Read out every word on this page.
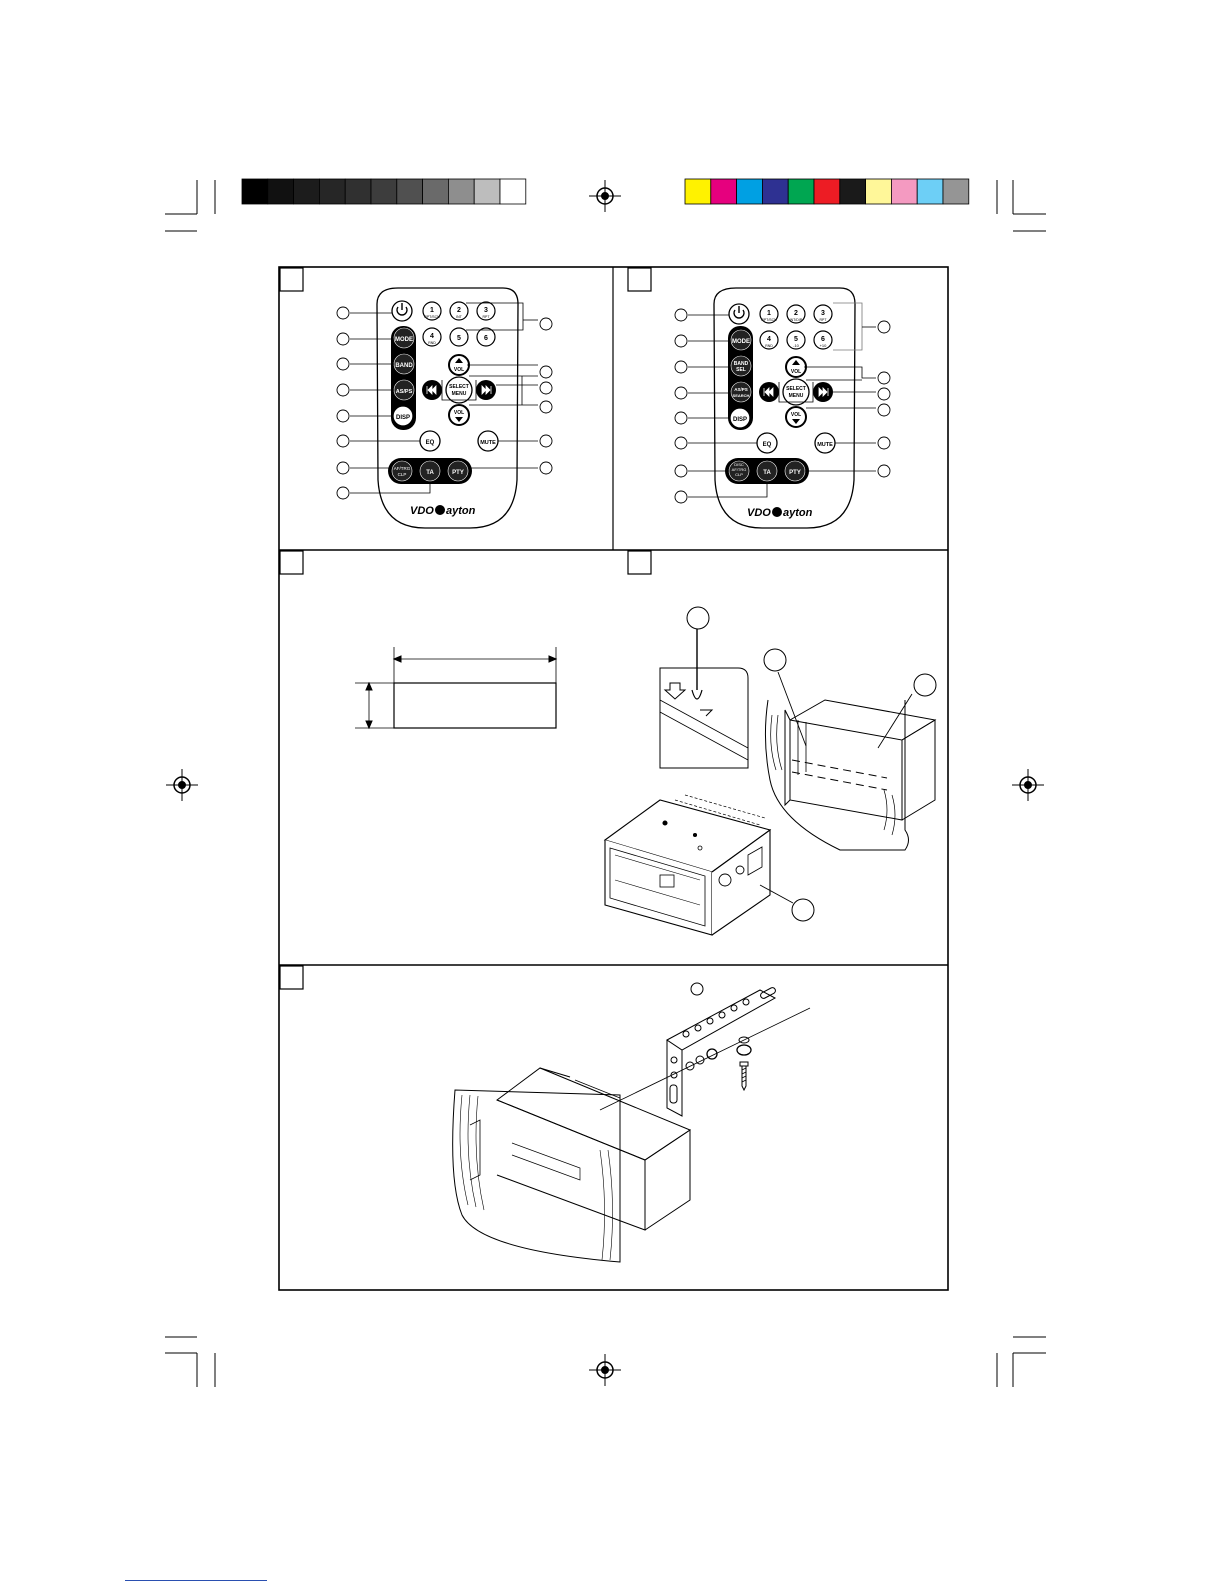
MODE
BAND
AS/PS
DISP
EQ	MUTE
AF/TRG
CLP	TA	PTY
1
RPT/SCN
2
INT
3
RPT
4
RND
5	6
SELECT
MENU
VOL
VOL
VDO ayton
MODE
BAND
SEL
AS/PS
SEARCH
DISP
EQ	MUTE
DISC
AF/TRG
CLP	TA	PTY
1
RPT/SCN
2
INT/DIR
3
RPT
4
RND
5
-10
6
+10
SELECT
MENU
VOL
VOL
VDO ayton
